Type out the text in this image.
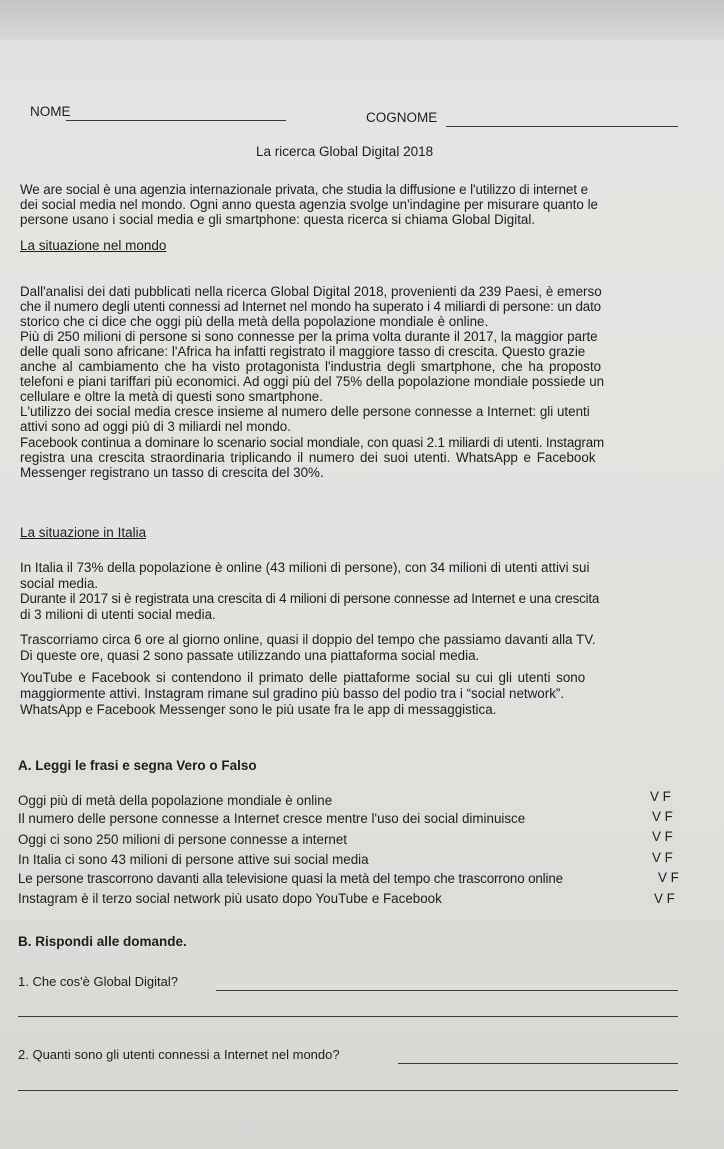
NOME	COGNOME
La ricerca Global Digital 2018
We are social è una agenzia internazionale privata, che studia la diffusione e l'utilizzo di internet e
dei social media nel mondo. Ogni anno questa agenzia svolge un'indagine per misurare quanto le
persone usano i social media e gli smartphone: questa ricerca si chiama Global Digital.
La situazione nel mondo
Dall'analisi dei dati pubblicati nella ricerca Global Digital 2018, provenienti da 239 Paesi, è emerso
che il numero degli utenti connessi ad Internet nel mondo ha superato i 4 miliardi di persone: un dato
storico che ci dice che oggi più della metà della popolazione mondiale è online.
Più di 250 milioni di persone si sono connesse per la prima volta durante il 2017, la maggior parte
delle quali sono africane: l'Africa ha infatti registrato il maggiore tasso di crescita. Questo grazie
anche al cambiamento che ha visto protagonista l'industria degli smartphone, che ha proposto
telefoni e piani tariffari più economici. Ad oggi più del 75% della popolazione mondiale possiede un
cellulare e oltre la metà di questi sono smartphone.
L'utilizzo dei social media cresce insieme al numero delle persone connesse a Internet: gli utenti
attivi sono ad oggi più di 3 miliardi nel mondo.
Facebook continua a dominare lo scenario social mondiale, con quasi 2.1 miliardi di utenti. Instagram
registra una crescita straordinaria triplicando il numero dei suoi utenti. WhatsApp e Facebook
Messenger registrano un tasso di crescita del 30%.
La situazione in Italia
In Italia il 73% della popolazione è online (43 milioni di persone), con 34 milioni di utenti attivi sui
social media.
Durante il 2017 si è registrata una crescita di 4 milioni di persone connesse ad Internet e una crescita
di 3 milioni di utenti social media.
Trascorriamo circa 6 ore al giorno online, quasi il doppio del tempo che passiamo davanti alla TV.
Di queste ore, quasi 2 sono passate utilizzando una piattaforma social media.
YouTube e Facebook si contendono il primato delle piattaforme social su cui gli utenti sono
maggiormente attivi. Instagram rimane sul gradino più basso del podio tra i “social network”.
WhatsApp e Facebook Messenger sono le più usate fra le app di messaggistica.
A. Leggi le frasi e segna Vero o Falso
Oggi più di metà della popolazione mondiale è online	V F
Il numero delle persone connesse a Internet cresce mentre l'uso dei social diminuisce	V F
Oggi ci sono 250 milioni di persone connesse a internet	V F
In Italia ci sono 43 milioni di persone attive sui social media	V F
Le persone trascorrono davanti alla televisione quasi la metà del tempo che trascorrono online	V F
Instagram è il terzo social network più usato dopo YouTube e Facebook	V F
B. Rispondi alle domande.
1. Che cos'è Global Digital?
2. Quanti sono gli utenti connessi a Internet nel mondo?
